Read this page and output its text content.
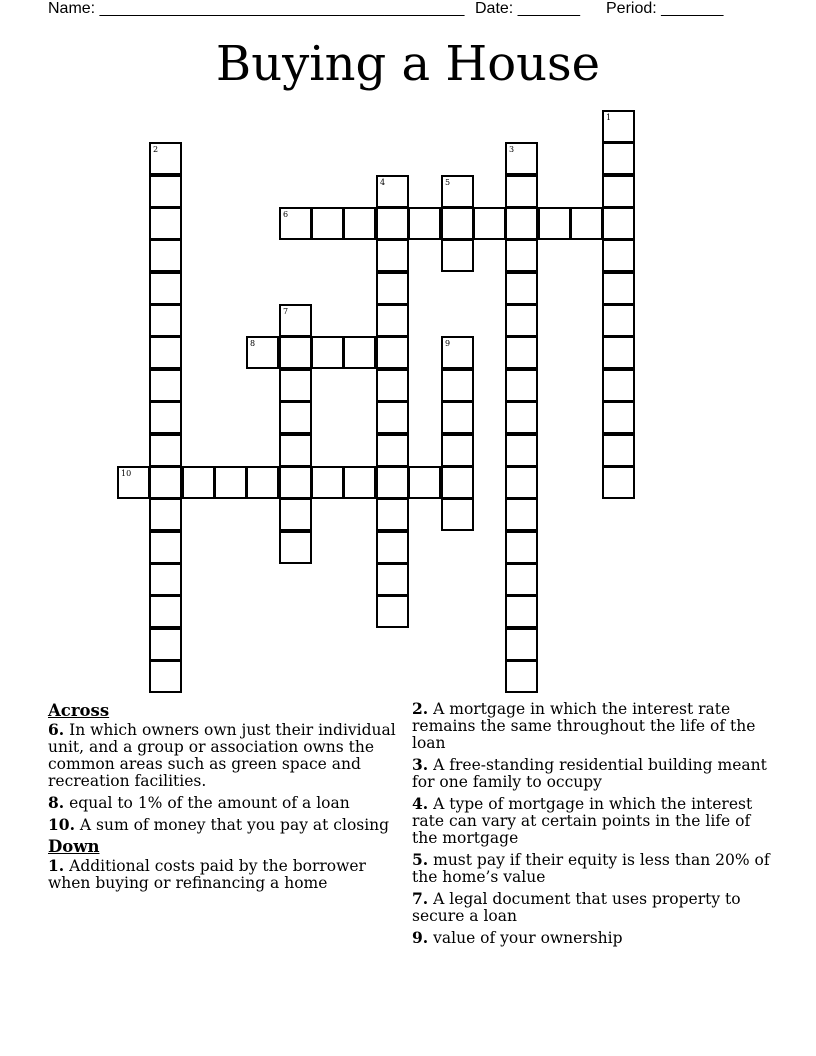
Name: _________________________________________ Date: _______ Period: _______
Buying a House
1
2	3
4	5
6
7
8	9
10
Across
6. In which owners own just their individual unit, and a group or association owns the common areas such as green space and recreation facilities.
8. equal to 1% of the amount of a loan
10. A sum of money that you pay at closing
Down
1. Additional costs paid by the borrower when buying or refinancing a home
2. A mortgage in which the interest rate remains the same throughout the life of the loan
3. A free-standing residential building meant for one family to occupy
4. A type of mortgage in which the interest rate can vary at certain points in the life of the mortgage
5. must pay if their equity is less than 20% of the home’s value
7. A legal document that uses property to secure a loan
9. value of your ownership
